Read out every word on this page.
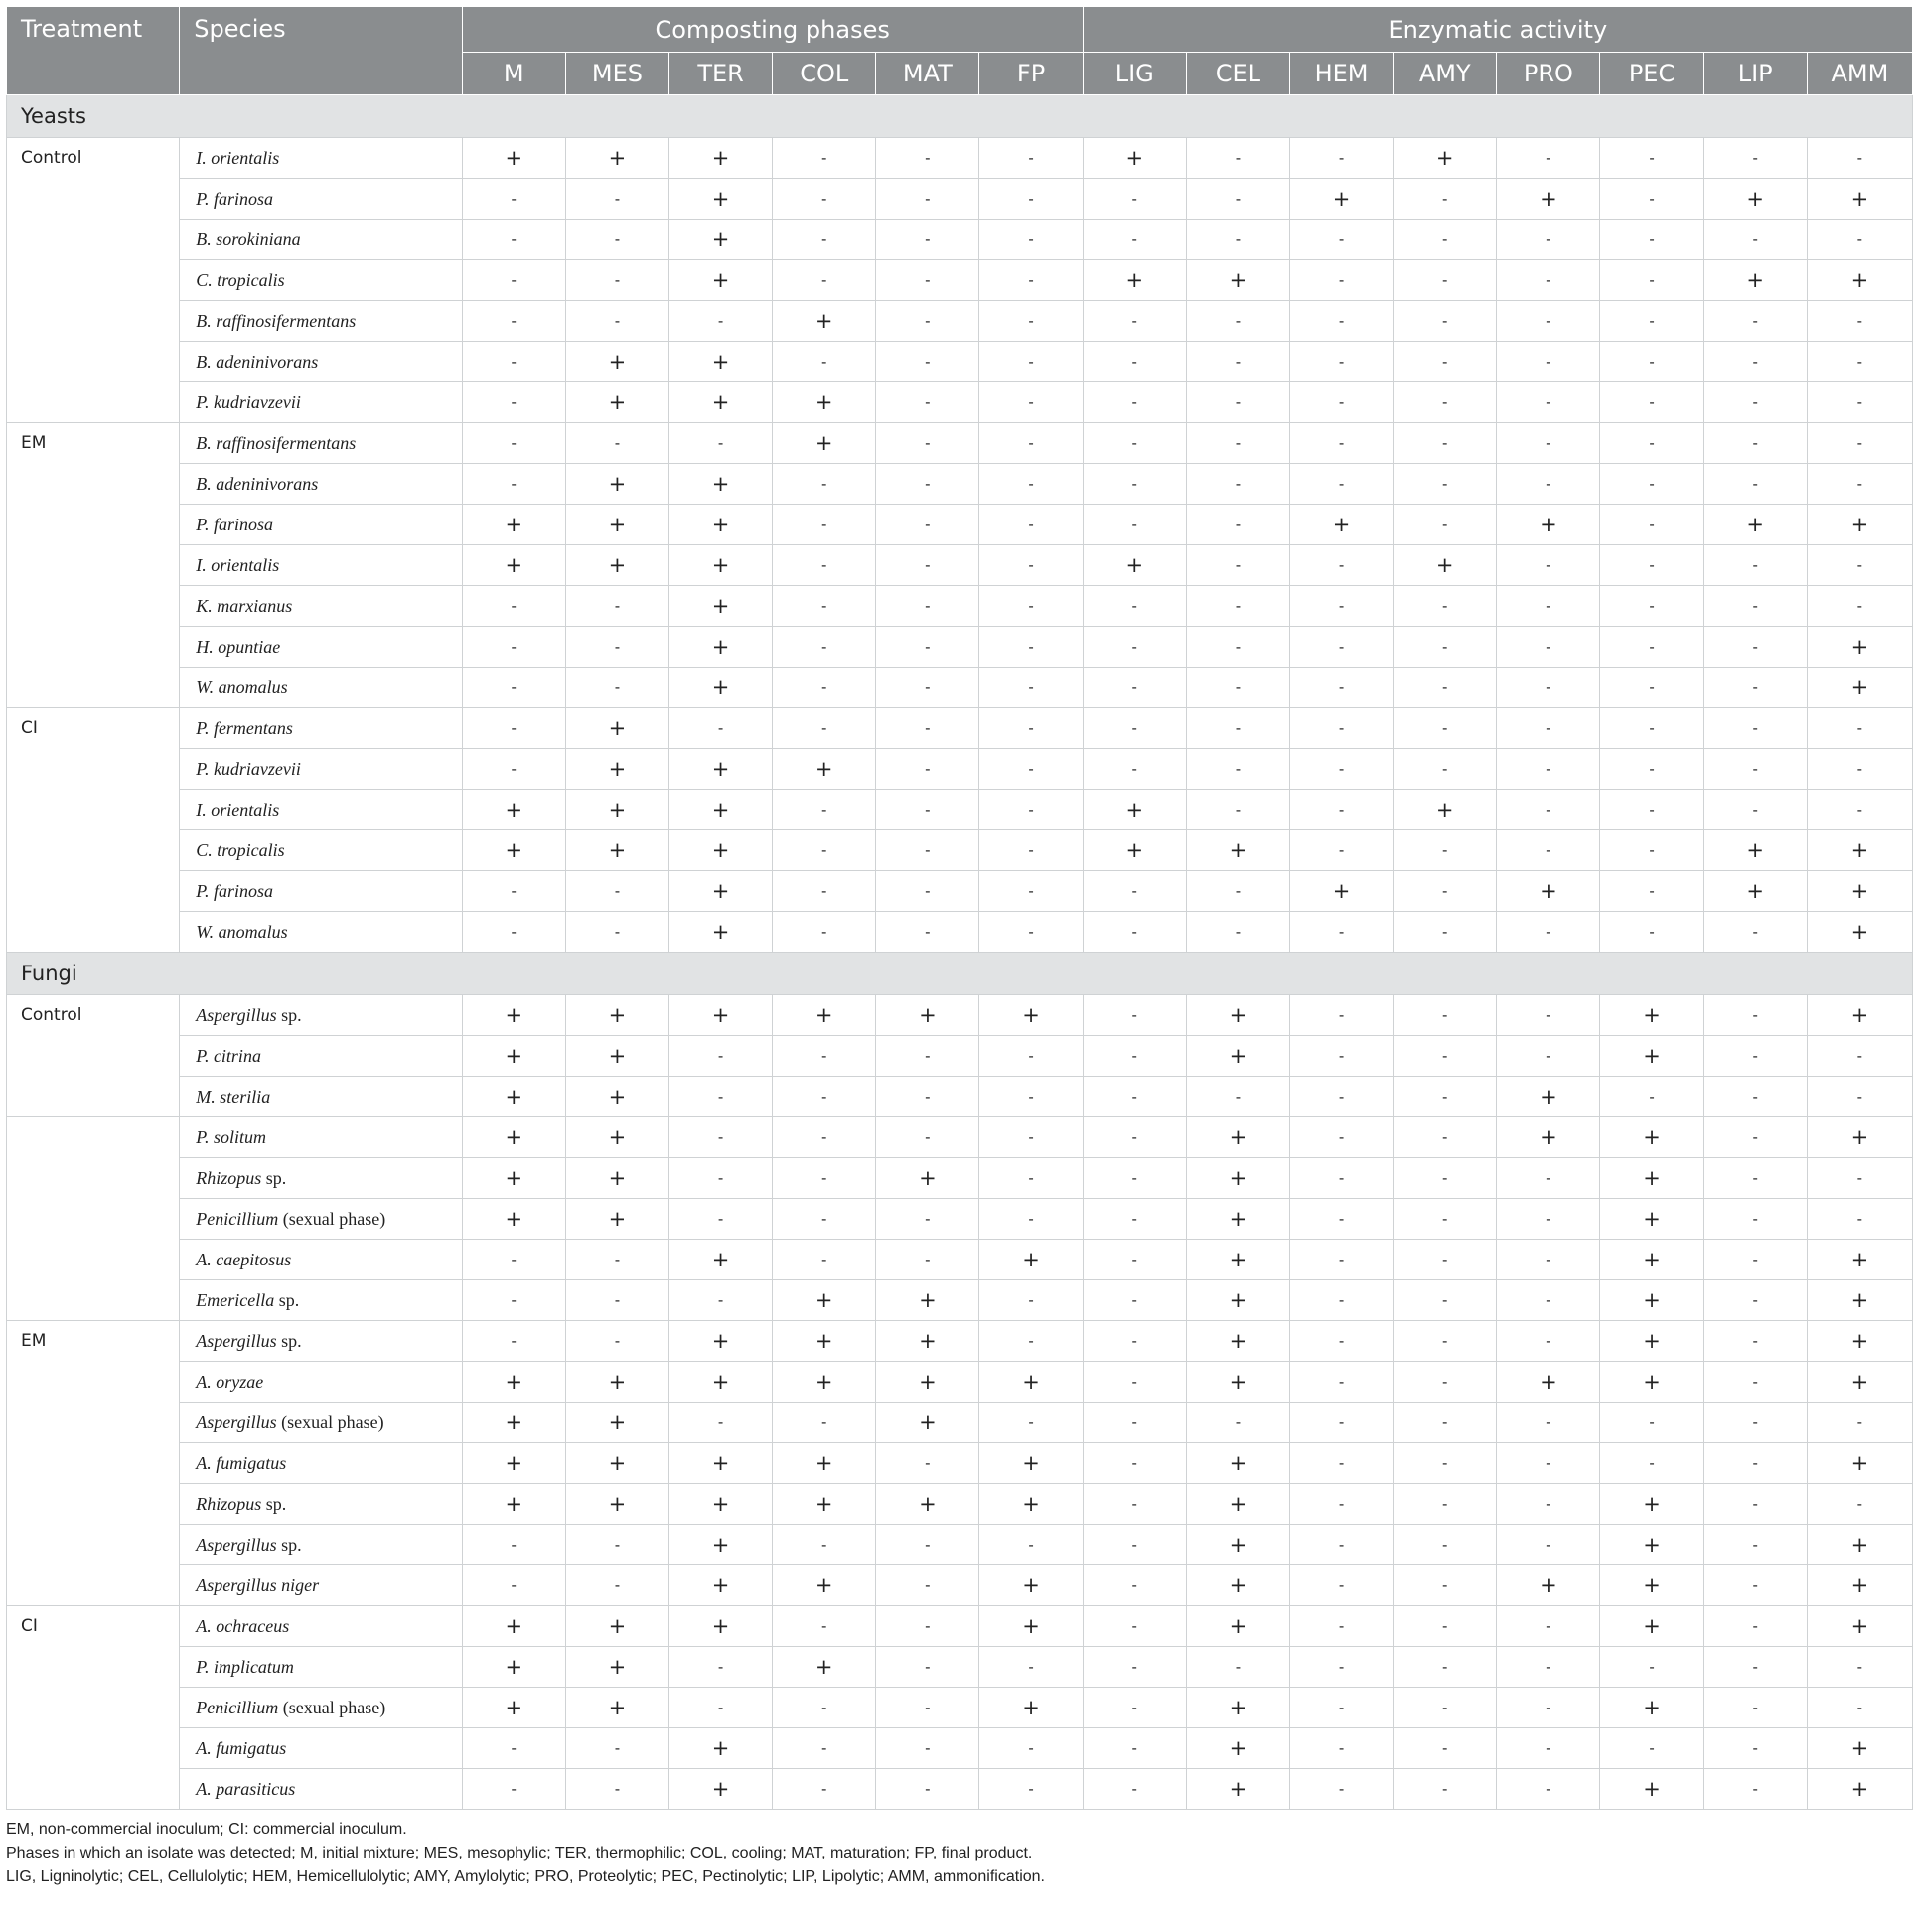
Treatment	Species	Composting phases						Enzymatic activity							
		M	MES	TER	COL	MAT	FP	LIG	CEL	HEM	AMY	PRO	PEC	LIP	AMM
Yeasts															
Control	I. orientalis	+	+	+	-	-	-	+	-	-	+	-	-	-	-
	P. farinosa	-	-	+	-	-	-	-	-	+	-	+	-	+	+
	B. sorokiniana	-	-	+	-	-	-	-	-	-	-	-	-	-	-
	C. tropicalis	-	-	+	-	-	-	+	+	-	-	-	-	+	+
	B. raffinosifermentans	-	-	-	+	-	-	-	-	-	-	-	-	-	-
	B. adeninivorans	-	+	+	-	-	-	-	-	-	-	-	-	-	-
	P. kudriavzevii	-	+	+	+	-	-	-	-	-	-	-	-	-	-
EM	B. raffinosifermentans	-	-	-	+	-	-	-	-	-	-	-	-	-	-
	B. adeninivorans	-	+	+	-	-	-	-	-	-	-	-	-	-	-
	P. farinosa	+	+	+	-	-	-	-	-	+	-	+	-	+	+
	I. orientalis	+	+	+	-	-	-	+	-	-	+	-	-	-	-
	K. marxianus	-	-	+	-	-	-	-	-	-	-	-	-	-	-
	H. opuntiae	-	-	+	-	-	-	-	-	-	-	-	-	-	+
	W. anomalus	-	-	+	-	-	-	-	-	-	-	-	-	-	+
CI	P. fermentans	-	+	-	-	-	-	-	-	-	-	-	-	-	-
	P. kudriavzevii	-	+	+	+	-	-	-	-	-	-	-	-	-	-
	I. orientalis	+	+	+	-	-	-	+	-	-	+	-	-	-	-
	C. tropicalis	+	+	+	-	-	-	+	+	-	-	-	-	+	+
	P. farinosa	-	-	+	-	-	-	-	-	+	-	+	-	+	+
	W. anomalus	-	-	+	-	-	-	-	-	-	-	-	-	-	+
Fungi															
Control	Aspergillus sp.	+	+	+	+	+	+	-	+	-	-	-	+	-	+
	P. citrina	+	+	-	-	-	-	-	+	-	-	-	+	-	-
	M. sterilia	+	+	-	-	-	-	-	-	-	-	+	-	-	-
	P. solitum	+	+	-	-	-	-	-	+	-	-	+	+	-	+
	Rhizopus sp.	+	+	-	-	+	-	-	+	-	-	-	+	-	-
	Penicillium (sexual phase)	+	+	-	-	-	-	-	+	-	-	-	+	-	-
	A. caepitosus	-	-	+	-	-	+	-	+	-	-	-	+	-	+
	Emericella sp.	-	-	-	+	+	-	-	+	-	-	-	+	-	+
EM	Aspergillus sp.	-	-	+	+	+	-	-	+	-	-	-	+	-	+
	A. oryzae	+	+	+	+	+	+	-	+	-	-	+	+	-	+
	Aspergillus (sexual phase)	+	+	-	-	+	-	-	-	-	-	-	-	-	-
	A. fumigatus	+	+	+	+	-	+	-	+	-	-	-	-	-	+
	Rhizopus sp.	+	+	+	+	+	+	-	+	-	-	-	+	-	-
	Aspergillus sp.	-	-	+	-	-	-	-	+	-	-	-	+	-	+
	Aspergillus niger	-	-	+	+	-	+	-	+	-	-	+	+	-	+
CI	A. ochraceus	+	+	+	-	-	+	-	+	-	-	-	+	-	+
	P. implicatum	+	+	-	+	-	-	-	-	-	-	-	-	-	-
	Penicillium (sexual phase)	+	+	-	-	-	+	-	+	-	-	-	+	-	-
	A. fumigatus	-	-	+	-	-	-	-	+	-	-	-	-	-	+
	A. parasiticus	-	-	+	-	-	-	-	+	-	-	-	+	-	+

EM, non-commercial inoculum; CI: commercial inoculum.

Phases in which an isolate was detected; M, initial mixture; MES, mesophylic; TER, thermophilic; COL, cooling; MAT, maturation; FP, final product.

LIG, Ligninolytic; CEL, Cellulolytic; HEM, Hemicellulolytic; AMY, Amylolytic; PRO, Proteolytic; PEC, Pectinolytic; LIP, Lipolytic; AMM, ammonification.
